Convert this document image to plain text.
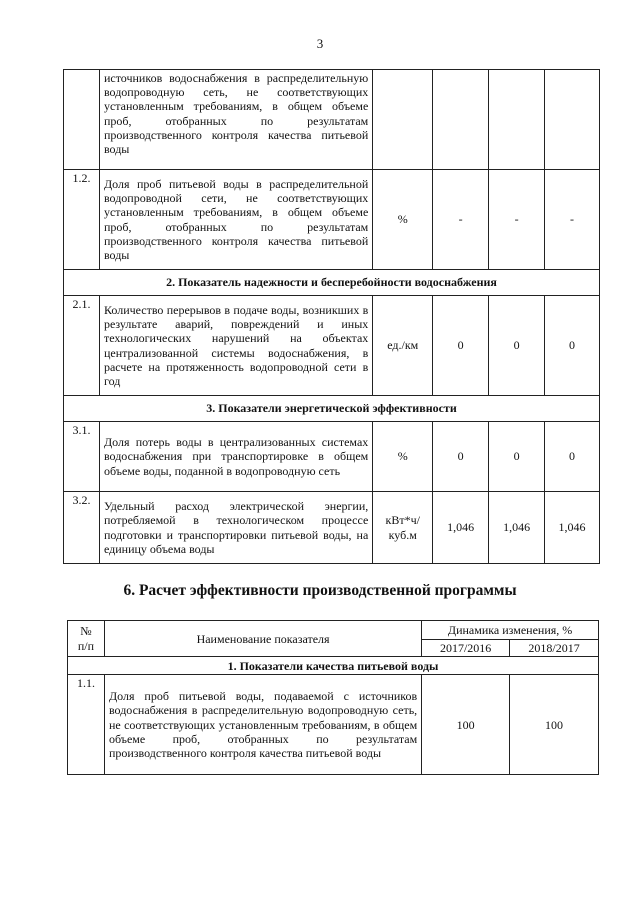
3
	источников водоснабжения в распределительную водопроводную сеть, не соответствующих установленным требованиям, в общем объеме проб, отобранных по результатам производственного контроля качества питьевой воды				
1.2.	Доля проб питьевой воды в распределительной водопроводной сети, не соответствующих установленным требованиям, в общем объеме проб, отобранных по результатам производственного контроля качества питьевой воды	%	-	-	-
2. Показатель надежности и бесперебойности водоснабжения					
2.1.	Количество перерывов в подаче воды, возникших в результате аварий, повреждений и иных технологических нарушений на объектах централизованной системы водоснабжения, в расчете на протяженность водопроводной сети в год	ед./км	0	0	0
3. Показатели энергетической эффективности					
3.1.	Доля потерь воды в централизованных системах водоснабжения при транспортировке в общем объеме воды, поданной в водопроводную сеть	%	0	0	0
3.2.	Удельный расход электрической энергии, потребляемой в технологическом процессе подготовки и транспортировки питьевой воды, на единицу объема воды	кВт*ч/
куб.м	1,046	1,046	1,046
6. Расчет эффективности производственной программы
№
п/п	Наименование показателя	Динамика изменения, %	
		2017/2016	2018/2017
1. Показатели качества питьевой воды			
1.1.	Доля проб питьевой воды, подаваемой с источников водоснабжения в распределительную водопроводную сеть, не соответствующих установленным требованиям, в общем объеме проб, отобранных по результатам производственного контроля качества питьевой воды	100	100
